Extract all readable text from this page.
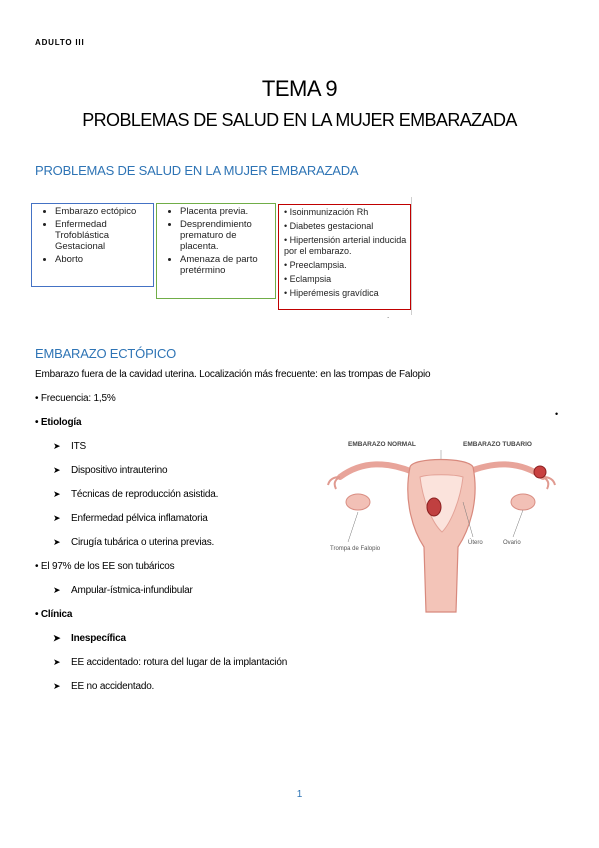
ADULTO III
TEMA 9
PROBLEMAS DE SALUD EN LA MUJER EMBARAZADA
PROBLEMAS DE SALUD EN LA MUJER EMBARAZADA
• Embarazo ectópico
• Enfermedad Trofoblástica Gestacional
• Aborto
• Placenta previa.
• Desprendimiento prematuro de placenta.
• Amenaza de parto pretérmino
• Isoinmunización Rh
• Diabetes gestacional
• Hipertensión arterial inducida por el embarazo.
• Preeclampsia.
• Eclampsia
• Hiperémesis gravídica
.
EMBARAZO ECTÓPICO
Embarazo fuera de la cavidad uterina. Localización más frecuente: en las trompas de Falopio
• Frecuencia: 1,5%
• Etiología
➤ ITS
➤ Dispositivo intrauterino
➤ Técnicas de reproducción asistida.
➤ Enfermedad pélvica inflamatoria
➤ Cirugía tubárica o uterina previas.
• El 97% de los EE son tubáricos
➤ Ampular-ístmica-infundibular
• Clínica
➤ Inespecífica
➤ EE accidentado: rotura del lugar de la implantación
➤ EE no accidentado.
•
EMBARAZO NORMAL	EMBARAZO TUBARIO
Trompa de Falopio
Útero	Ovario
1
